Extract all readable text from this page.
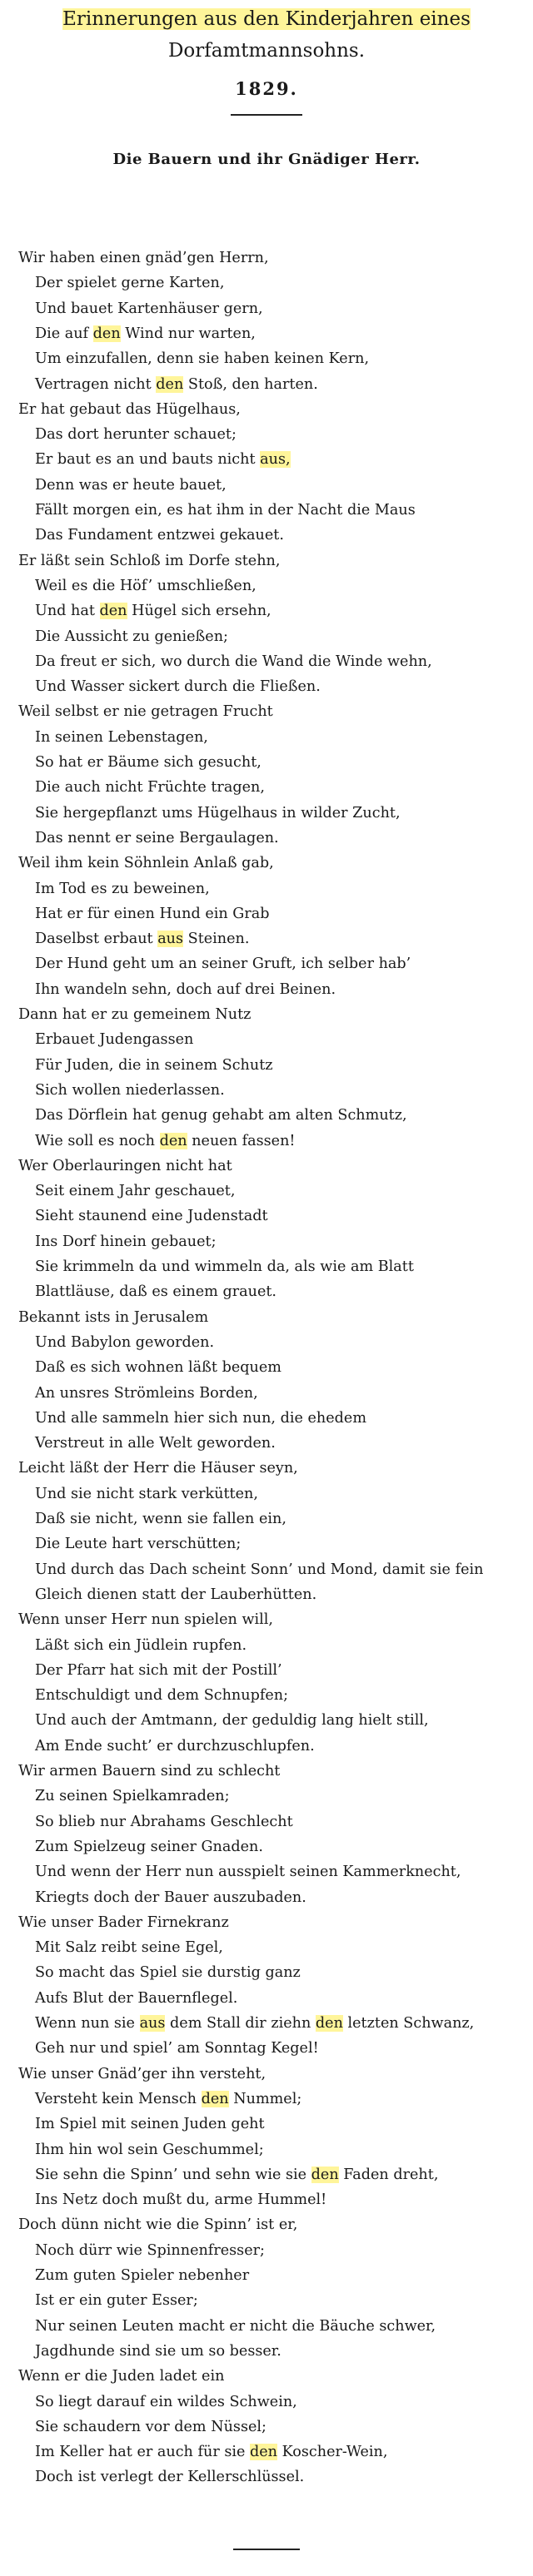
Erinnerungen aus den Kinderjahren eines

Dorfamtmannsohns.

1829.
Die Bauern und ihr Gnädiger Herr.
Wir haben einen gnäd’gen Herrn,
Der spielet gerne Karten,
Und bauet Kartenhäuser gern,
Die auf den Wind nur warten,
Um einzufallen, denn sie haben keinen Kern,
Vertragen nicht den Stoß, den harten.
Er hat gebaut das Hügelhaus,
Das dort herunter schauet;
Er baut es an und bauts nicht aus,
Denn was er heute bauet,
Fällt morgen ein, es hat ihm in der Nacht die Maus
Das Fundament entzwei gekauet.
Er läßt sein Schloß im Dorfe stehn,
Weil es die Höf’ umschließen,
Und hat den Hügel sich ersehn,
Die Aussicht zu genießen;
Da freut er sich, wo durch die Wand die Winde wehn,
Und Wasser sickert durch die Fließen.
Weil selbst er nie getragen Frucht
In seinen Lebenstagen,
So hat er Bäume sich gesucht,
Die auch nicht Früchte tragen,
Sie hergepflanzt ums Hügelhaus in wilder Zucht,
Das nennt er seine Bergaulagen.
Weil ihm kein Söhnlein Anlaß gab,
Im Tod es zu beweinen,
Hat er für einen Hund ein Grab
Daselbst erbaut aus Steinen.
Der Hund geht um an seiner Gruft, ich selber hab’
Ihn wandeln sehn, doch auf drei Beinen.
Dann hat er zu gemeinem Nutz
Erbauet Judengassen
Für Juden, die in seinem Schutz
Sich wollen niederlassen.
Das Dörflein hat genug gehabt am alten Schmutz,
Wie soll es noch den neuen fassen!
Wer Oberlauringen nicht hat
Seit einem Jahr geschauet,
Sieht staunend eine Judenstadt
Ins Dorf hinein gebauet;
Sie krimmeln da und wimmeln da, als wie am Blatt
Blattläuse, daß es einem grauet.
Bekannt ists in Jerusalem
Und Babylon geworden.
Daß es sich wohnen läßt bequem
An unsres Strömleins Borden,
Und alle sammeln hier sich nun, die ehedem
Verstreut in alle Welt geworden.
Leicht läßt der Herr die Häuser seyn,
Und sie nicht stark verkütten,
Daß sie nicht, wenn sie fallen ein,
Die Leute hart verschütten;
Und durch das Dach scheint Sonn’ und Mond, damit sie fein
Gleich dienen statt der Lauberhütten.
Wenn unser Herr nun spielen will,
Läßt sich ein Jüdlein rupfen.
Der Pfarr hat sich mit der Postill’
Entschuldigt und dem Schnupfen;
Und auch der Amtmann, der geduldig lang hielt still,
Am Ende sucht’ er durchzuschlupfen.
Wir armen Bauern sind zu schlecht
Zu seinen Spielkamraden;
So blieb nur Abrahams Geschlecht
Zum Spielzeug seiner Gnaden.
Und wenn der Herr nun ausspielt seinen Kammerknecht,
Kriegts doch der Bauer auszubaden.
Wie unser Bader Firnekranz
Mit Salz reibt seine Egel,
So macht das Spiel sie durstig ganz
Aufs Blut der Bauernflegel.
Wenn nun sie aus dem Stall dir ziehn den letzten Schwanz,
Geh nur und spiel’ am Sonntag Kegel!
Wie unser Gnäd’ger ihn versteht,
Versteht kein Mensch den Nummel;
Im Spiel mit seinen Juden geht
Ihm hin wol sein Geschummel;
Sie sehn die Spinn’ und sehn wie sie den Faden dreht,
Ins Netz doch mußt du, arme Hummel!
Doch dünn nicht wie die Spinn’ ist er,
Noch dürr wie Spinnenfresser;
Zum guten Spieler nebenher
Ist er ein guter Esser;
Nur seinen Leuten macht er nicht die Bäuche schwer,
Jagdhunde sind sie um so besser.
Wenn er die Juden ladet ein
So liegt darauf ein wildes Schwein,
Sie schaudern vor dem Nüssel;
Im Keller hat er auch für sie den Koscher-Wein,
Doch ist verlegt der Kellerschlüssel.
